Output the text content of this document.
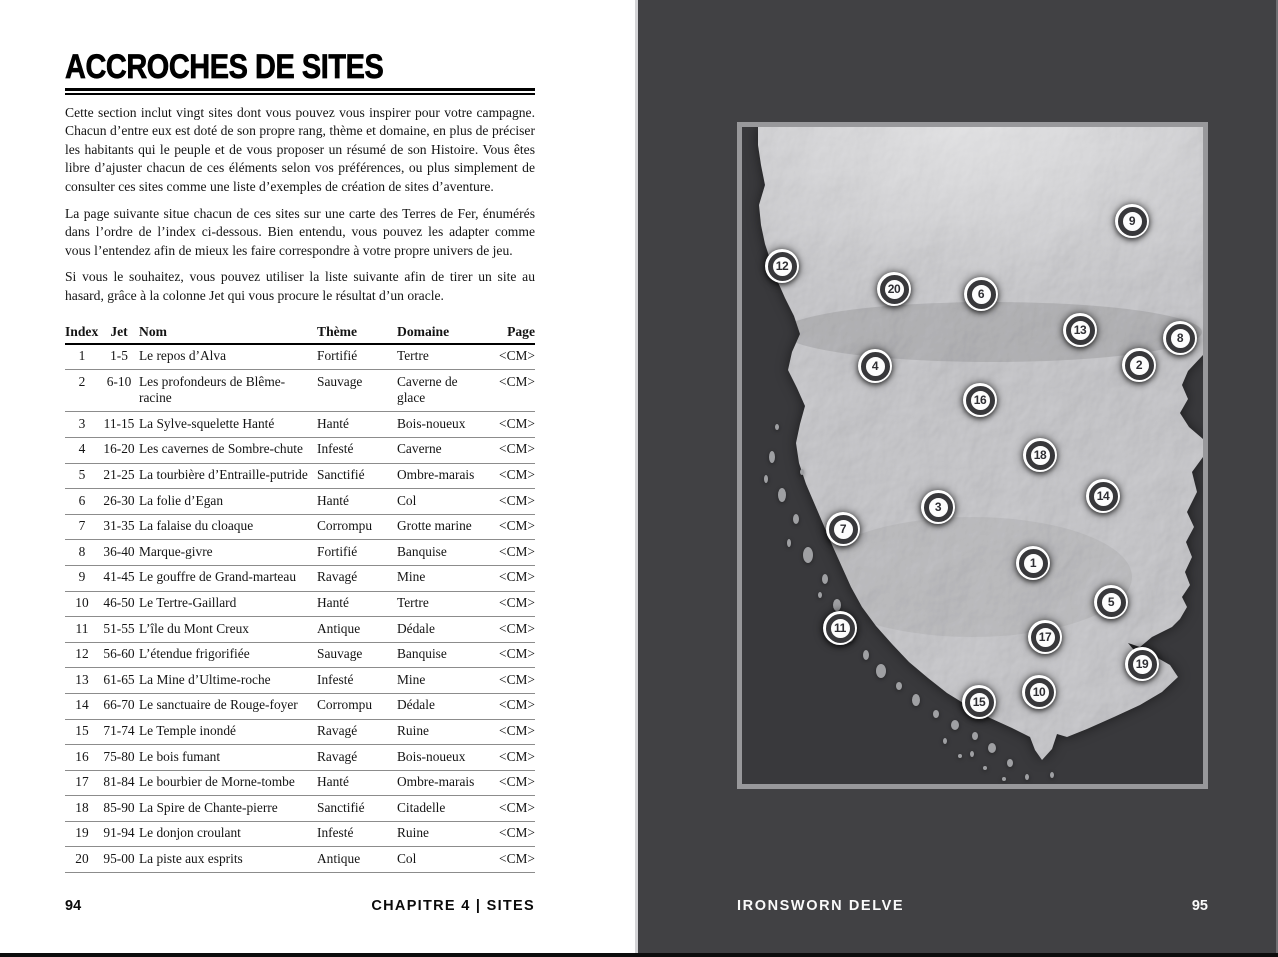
ACCROCHES DE SITES

Cette section inclut vingt sites dont vous pouvez vous inspirer pour votre campagne. Chacun d’entre eux est doté de son propre rang, thème et domaine, en plus de préciser les habitants qui le peuple et de vous proposer un résumé de son Histoire. Vous êtes libre d’ajuster chacun de ces éléments selon vos préférences, ou plus simplement de consulter ces sites comme une liste d’exemples de création de sites d’aventure.

La page suivante situe chacun de ces sites sur une carte des Terres de Fer, énumérés dans l’ordre de l’index ci-dessous. Bien entendu, vous pouvez les adapter comme vous l’entendez afin de mieux les faire correspondre à votre propre univers de jeu.

Si vous le souhaitez, vous pouvez utiliser la liste suivante afin de tirer un site au hasard, grâce à la colonne Jet qui vous procure le résultat d’un oracle.

Index	Jet	Nom	Thème	Domaine	Page
1	1-5	Le repos d’Alva	Fortifié	Tertre	<CM>
2	6-10	Les profondeurs de Blême-racine	Sauvage	Caverne de glace	<CM>
3	11-15	La Sylve-squelette Hanté	Hanté	Bois-noueux	<CM>
4	16-20	Les cavernes de Sombre-chute	Infesté	Caverne	<CM>
5	21-25	La tourbière d’Entraille-putride	Sanctifié	Ombre-marais	<CM>
6	26-30	La folie d’Egan	Hanté	Col	<CM>
7	31-35	La falaise du cloaque	Corrompu	Grotte marine	<CM>
8	36-40	Marque-givre	Fortifié	Banquise	<CM>
9	41-45	Le gouffre de Grand-marteau	Ravagé	Mine	<CM>
10	46-50	Le Tertre-Gaillard	Hanté	Tertre	<CM>
11	51-55	L’île du Mont Creux	Antique	Dédale	<CM>
12	56-60	L’étendue frigorifiée	Sauvage	Banquise	<CM>
13	61-65	La Mine d’Ultime-roche	Infesté	Mine	<CM>
14	66-70	Le sanctuaire de Rouge-foyer	Corrompu	Dédale	<CM>
15	71-74	Le Temple inondé	Ravagé	Ruine	<CM>
16	75-80	Le bois fumant	Ravagé	Bois-noueux	<CM>
17	81-84	Le bourbier de Morne-tombe	Hanté	Ombre-marais	<CM>
18	85-90	La Spire de Chante-pierre	Sanctifié	Citadelle	<CM>
19	91-94	Le donjon croulant	Infesté	Ruine	<CM>
20	95-00	La piste aux esprits	Antique	Col	<CM>
94	CHAPITRE 4 | SITES
1
2
3
4
5
6
7
8
9
10
11
12
13
14
15
16
17
18
19
20
IRONSWORN DELVE	95
